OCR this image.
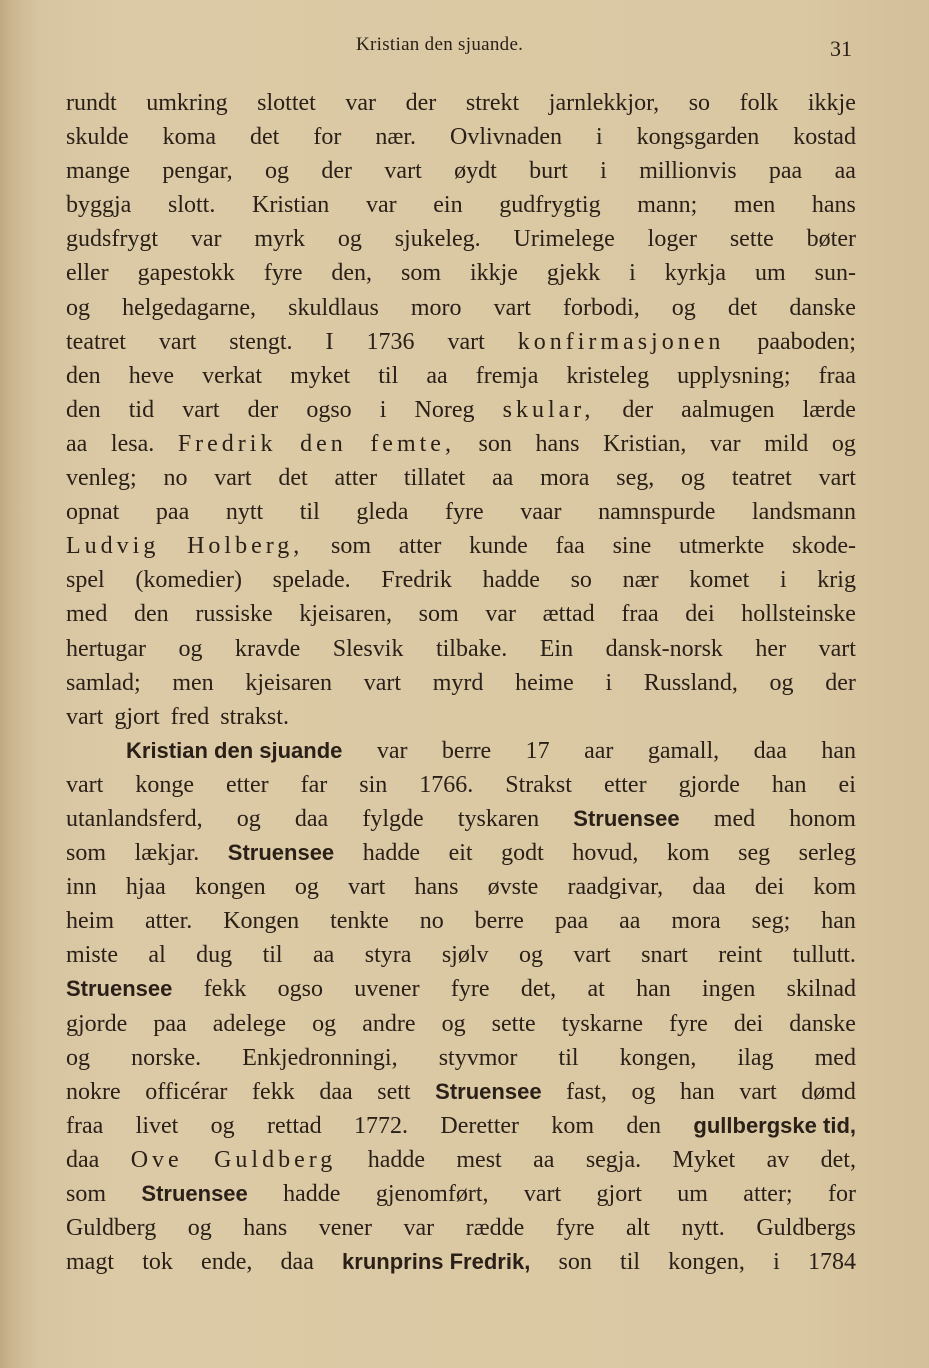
Kristian den sjuande.	31
rundt umkring slottet var der strekt jarnlekkjor, so folk ikkje
skulde koma det for nær. Ovlivnaden i kongsgarden kostad
mange pengar, og der vart øydt burt i millionvis paa aa
byggja slott. Kristian var ein gudfrygtig mann; men hans
gudsfrygt var myrk og sjukeleg. Urimelege loger sette bøter
eller gapestokk fyre den, som ikkje gjekk i kyrkja um sun-
og helgedagarne, skuldlaus moro vart forbodi, og det danske
teatret vart stengt. I 1736 vart konfirmasjonen paaboden;
den heve verkat myket til aa fremja kristeleg upplysning; fraa
den tid vart der ogso i Noreg skular, der aalmugen lærde
aa lesa. Fredrik den femte, son hans Kristian, var mild og
venleg; no vart det atter tillatet aa mora seg, og teatret vart
opnat paa nytt til gleda fyre vaar namnspurde landsmann
Ludvig Holberg, som atter kunde faa sine utmerkte skode-
spel (komedier) spelade. Fredrik hadde so nær komet i krig
med den russiske kjeisaren, som var ættad fraa dei hollsteinske
hertugar og kravde Slesvik tilbake. Ein dansk-norsk her vart
samlad; men kjeisaren vart myrd heime i Russland, og der
vart gjort fred strakst.
Kristian den sjuande var berre 17 aar gamall, daa han
vart konge etter far sin 1766. Strakst etter gjorde han ei
utanlandsferd, og daa fylgde tyskaren Struensee med honom
som lækjar. Struensee hadde eit godt hovud, kom seg serleg
inn hjaa kongen og vart hans øvste raadgivar, daa dei kom
heim atter. Kongen tenkte no berre paa aa mora seg; han
miste al dug til aa styra sjølv og vart snart reint tullutt.
Struensee fekk ogso uvener fyre det, at han ingen skilnad
gjorde paa adelege og andre og sette tyskarne fyre dei danske
og norske. Enkjedronningi, styvmor til kongen, ilag med
nokre officérar fekk daa sett Struensee fast, og han vart dømd
fraa livet og rettad 1772. Deretter kom den gullbergske tid,
daa Ove Guldberg hadde mest aa segja. Myket av det,
som Struensee hadde gjenomført, vart gjort um atter; for
Guldberg og hans vener var rædde fyre alt nytt. Guldbergs
magt tok ende, daa krunprins Fredrik, son til kongen, i 1784
